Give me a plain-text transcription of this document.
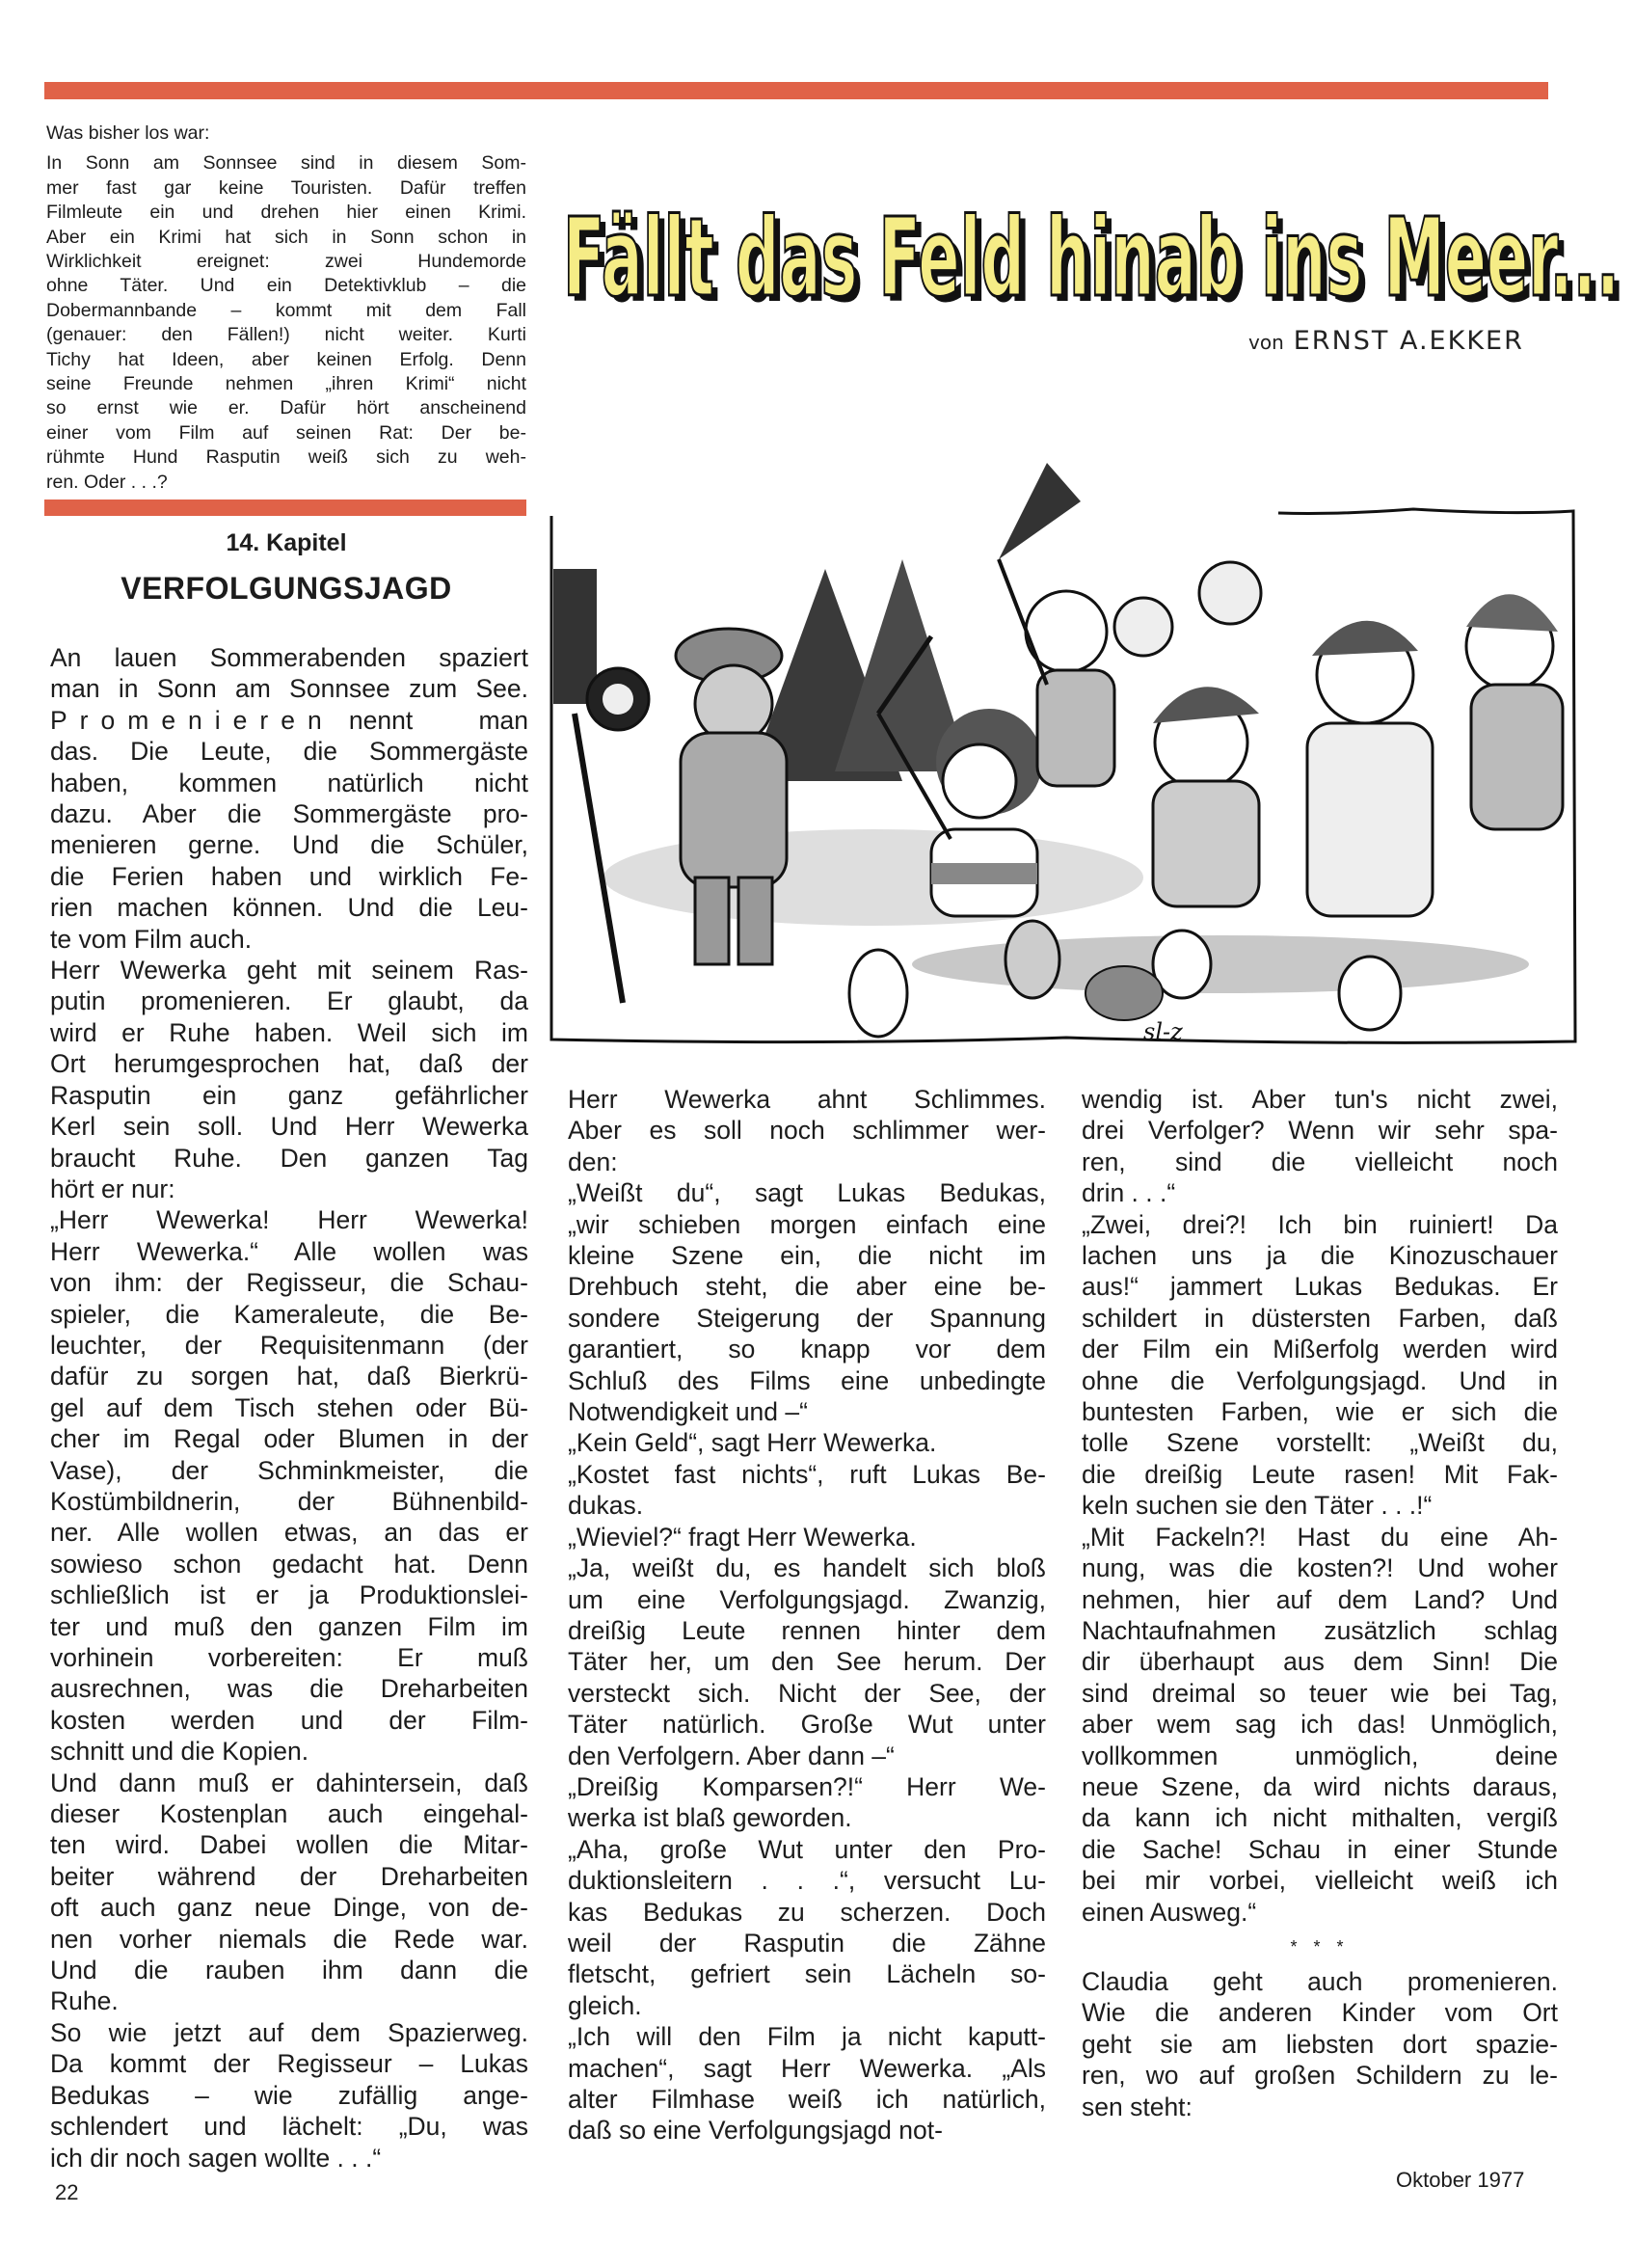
Was bisher los war:
In Sonn am Sonnsee sind in diesem Som-
mer fast gar keine Touristen. Dafür treffen
Filmleute ein und drehen hier einen Krimi.
Aber ein Krimi hat sich in Sonn schon in
Wirklichkeit ereignet: zwei Hundemorde
ohne Täter. Und ein Detektivklub – die
Dobermannbande – kommt mit dem Fall
(genauer: den Fällen!) nicht weiter. Kurti
Tichy hat Ideen, aber keinen Erfolg. Denn
seine Freunde nehmen „ihren Krimi“ nicht
so ernst wie er. Dafür hört anscheinend
einer vom Film auf seinen Rat: Der be-
rühmte Hund Rasputin weiß sich zu weh-
ren. Oder . . .?
14. Kapitel
VERFOLGUNGSJAGD
Fällt das Feld hinab ins Meer...
Fällt das Feld hinab ins Meer...
von ERNST A.EKKER
sl-z
An lauen Sommerabenden spaziert
man in Sonn am Sonnsee zum See.
Promenieren nennt   man
das. Die Leute, die Sommergäste
haben, kommen natürlich nicht
dazu. Aber die Sommergäste pro-
menieren gerne. Und die Schüler,
die Ferien haben und wirklich Fe-
rien machen können. Und die Leu-
te vom Film auch.
Herr Wewerka geht mit seinem Ras-
putin promenieren. Er glaubt, da
wird er Ruhe haben. Weil sich im
Ort herumgesprochen hat, daß der
Rasputin ein ganz gefährlicher
Kerl sein soll. Und Herr Wewerka
braucht Ruhe. Den ganzen Tag
hört er nur:
„Herr Wewerka! Herr Wewerka!
Herr Wewerka.“ Alle wollen was
von ihm: der Regisseur, die Schau-
spieler, die Kameraleute, die Be-
leuchter, der Requisitenmann (der
dafür zu sorgen hat, daß Bierkrü-
gel auf dem Tisch stehen oder Bü-
cher im Regal oder Blumen in der
Vase), der Schminkmeister, die
Kostümbildnerin, der Bühnenbild-
ner. Alle wollen etwas, an das er
sowieso schon gedacht hat. Denn
schließlich ist er ja Produktionslei-
ter und muß den ganzen Film im
vorhinein vorbereiten: Er muß
ausrechnen, was die Dreharbeiten
kosten werden und der Film-
schnitt und die Kopien.
Und dann muß er dahintersein, daß
dieser Kostenplan auch eingehal-
ten wird. Dabei wollen die Mitar-
beiter während der Dreharbeiten
oft auch ganz neue Dinge, von de-
nen vorher niemals die Rede war.
Und die rauben ihm dann die
Ruhe.
So wie jetzt auf dem Spazierweg.
Da kommt der Regisseur – Lukas
Bedukas – wie zufällig ange-
schlendert und lächelt: „Du, was
ich dir noch sagen wollte . . .“
Herr Wewerka ahnt Schlimmes.
Aber es soll noch schlimmer wer-
den:
„Weißt du“, sagt Lukas Bedukas,
„wir schieben morgen einfach eine
kleine Szene ein, die nicht im
Drehbuch steht, die aber eine be-
sondere Steigerung der Spannung
garantiert, so knapp vor dem
Schluß des Films eine unbedingte
Notwendigkeit und –“
„Kein Geld“, sagt Herr Wewerka.
„Kostet fast nichts“, ruft Lukas Be-
dukas.
„Wieviel?“ fragt Herr Wewerka.
„Ja, weißt du, es handelt sich bloß
um eine Verfolgungsjagd. Zwanzig,
dreißig Leute rennen hinter dem
Täter her, um den See herum. Der
versteckt sich. Nicht der See, der
Täter natürlich. Große Wut unter
den Verfolgern. Aber dann –“
„Dreißig Komparsen?!“ Herr We-
werka ist blaß geworden.
„Aha, große Wut unter den Pro-
duktionsleitern . . .“, versucht Lu-
kas Bedukas zu scherzen. Doch
weil der Rasputin die Zähne
fletscht, gefriert sein Lächeln so-
gleich.
„Ich will den Film ja nicht kaputt-
machen“, sagt Herr Wewerka. „Als
alter Filmhase weiß ich natürlich,
daß so eine Verfolgungsjagd not-
wendig ist. Aber tun's nicht zwei,
drei Verfolger? Wenn wir sehr spa-
ren, sind die vielleicht noch
drin . . .“
„Zwei, drei?! Ich bin ruiniert! Da
lachen uns ja die Kinozuschauer
aus!“ jammert Lukas Bedukas. Er
schildert in düstersten Farben, daß
der Film ein Mißerfolg werden wird
ohne die Verfolgungsjagd. Und in
buntesten Farben, wie er sich die
tolle Szene vorstellt: „Weißt du,
die dreißig Leute rasen! Mit Fak-
keln suchen sie den Täter . . .!“
„Mit Fackeln?! Hast du eine Ah-
nung, was die kosten?! Und woher
nehmen, hier auf dem Land? Und
Nachtaufnahmen zusätzlich schlag
dir überhaupt aus dem Sinn! Die
sind dreimal so teuer wie bei Tag,
aber wem sag ich das! Unmöglich,
vollkommen unmöglich, deine
neue Szene, da wird nichts daraus,
da kann ich nicht mithalten, vergiß
die Sache! Schau in einer Stunde
bei mir vorbei, vielleicht weiß ich
einen Ausweg.“
* * *
Claudia geht auch promenieren.
Wie die anderen Kinder vom Ort
geht sie am liebsten dort spazie-
ren, wo auf großen Schildern zu le-
sen steht:
22
Oktober 1977
